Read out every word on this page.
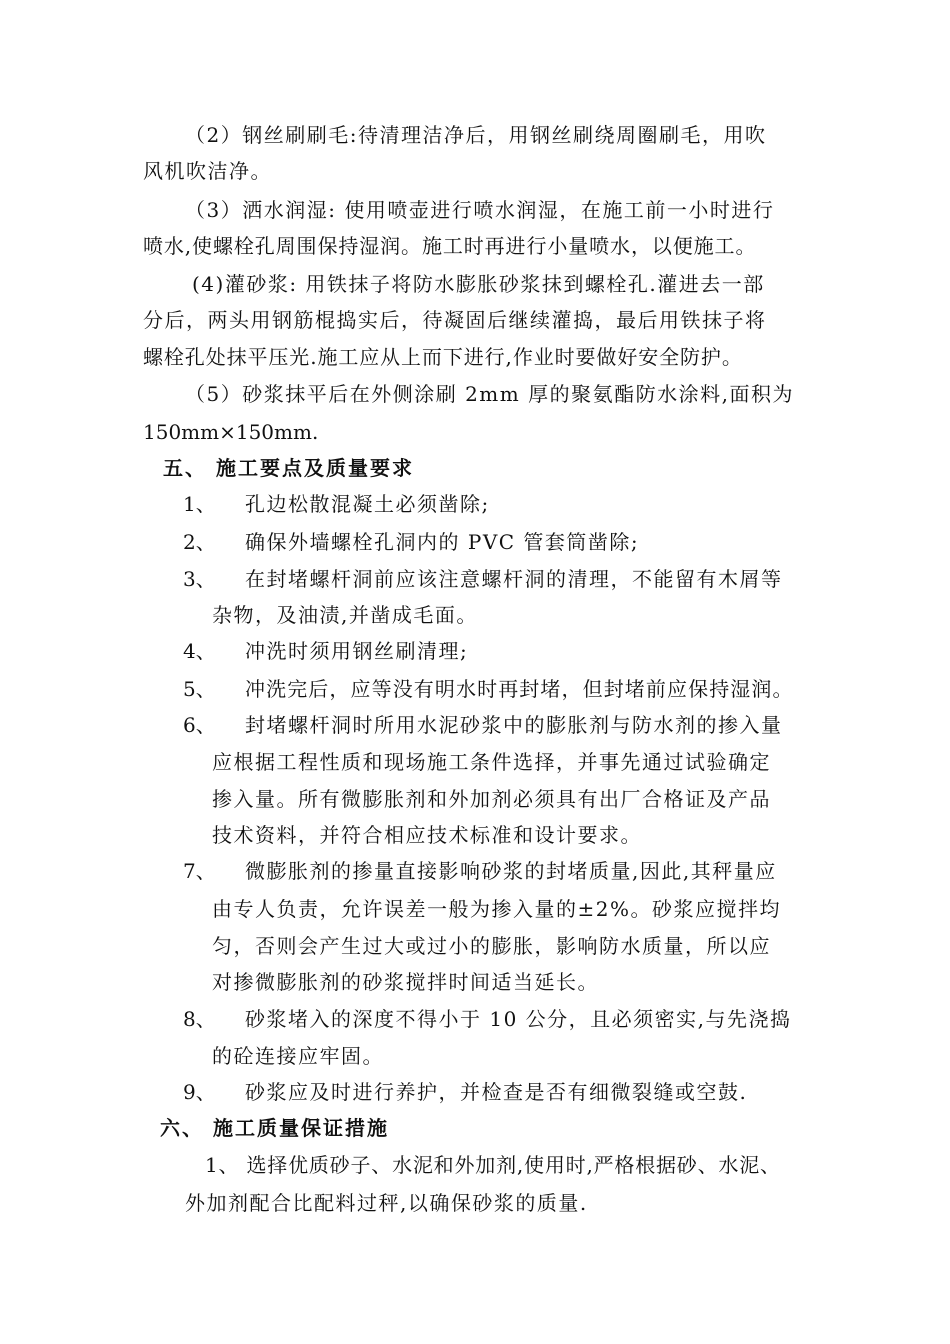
（2）钢丝刷刷毛:待清理洁净后，用钢丝刷绕周圈刷毛，用吹
风机吹洁净。
（3）洒水润湿: 使用喷壶进行喷水润湿，在施工前一小时进行
喷水,使螺栓孔周围保持湿润。施工时再进行小量喷水，以便施工。
(4)灌砂浆: 用铁抹子将防水膨胀砂浆抹到螺栓孔.灌进去一部
分后，两头用钢筋棍捣实后，待凝固后继续灌捣，最后用铁抹子将
螺栓孔处抹平压光.施工应从上而下进行,作业时要做好安全防护。
（5）砂浆抹平后在外侧涂刷 2mm 厚的聚氨酯防水涂料,面积为
150mm×150mm.
五、 施工要点及质量要求
1、 孔边松散混凝土必须凿除;
2、 确保外墙螺栓孔洞内的 PVC 管套筒凿除;
3、 在封堵螺杆洞前应该注意螺杆洞的清理，不能留有木屑等
杂物，及油渍,并凿成毛面。
4、 冲洗时须用钢丝刷清理;
5、 冲洗完后，应等没有明水时再封堵，但封堵前应保持湿润。
6、 封堵螺杆洞时所用水泥砂浆中的膨胀剂与防水剂的掺入量
应根据工程性质和现场施工条件选择，并事先通过试验确定
掺入量。所有微膨胀剂和外加剂必须具有出厂合格证及产品
技术资料，并符合相应技术标准和设计要求。
7、 微膨胀剂的掺量直接影响砂浆的封堵质量,因此,其秤量应
由专人负责，允许误差一般为掺入量的±2%。砂浆应搅拌均
匀，否则会产生过大或过小的膨胀，影响防水质量，所以应
对掺微膨胀剂的砂浆搅拌时间适当延长。
8、 砂浆堵入的深度不得小于 10 公分，且必须密实,与先浇捣
的砼连接应牢固。
9、 砂浆应及时进行养护，并检查是否有细微裂缝或空鼓.
六、 施工质量保证措施
1、 选择优质砂子、水泥和外加剂,使用时,严格根据砂、水泥、
外加剂配合比配料过秤,以确保砂浆的质量.
